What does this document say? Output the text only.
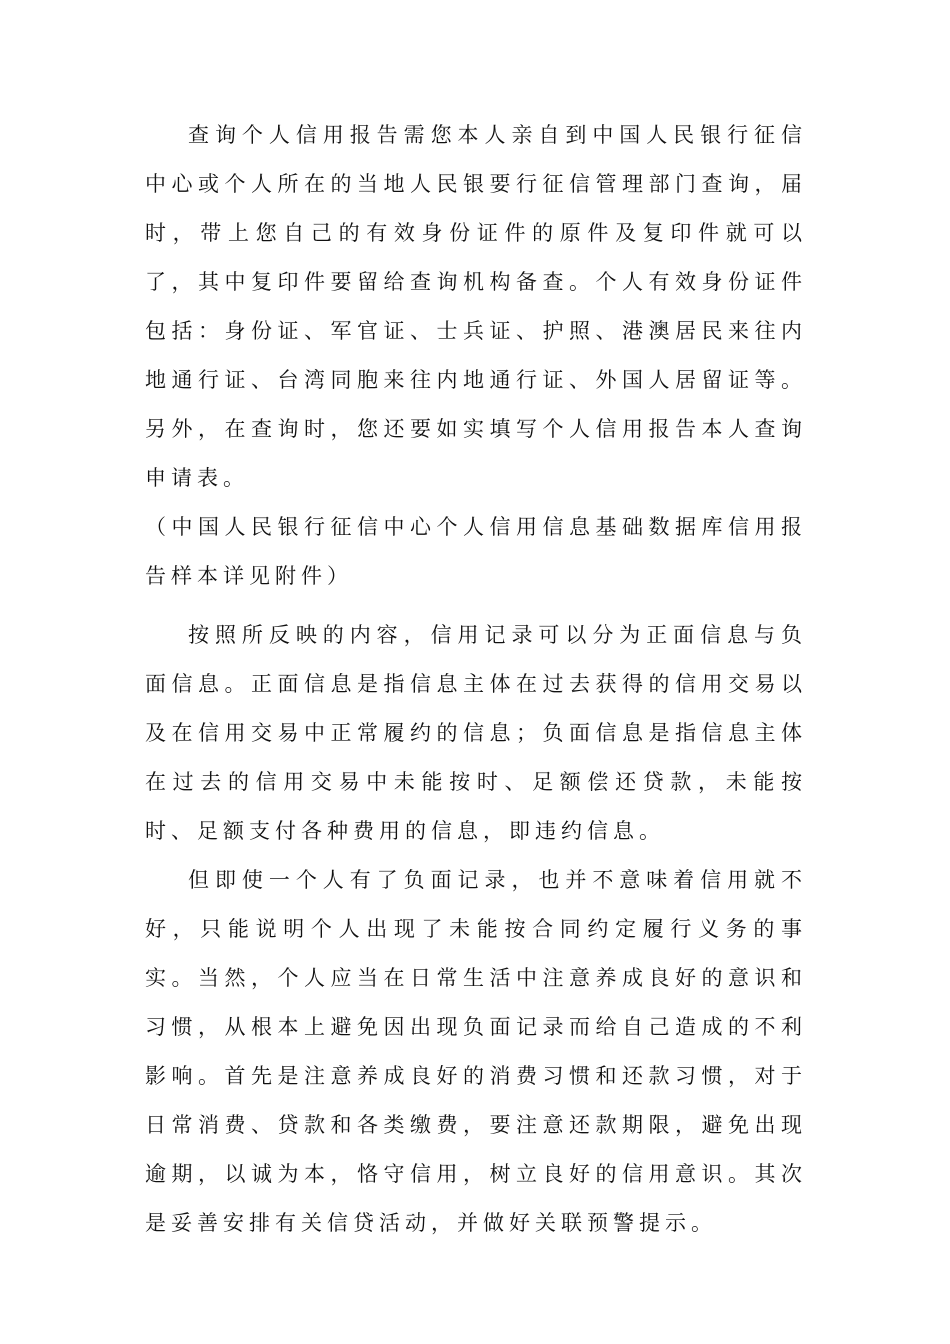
查询个人信用报告需您本人亲自到中国人民银行征信中心或个人所在的当地人民银要行征信管理部门查询，届时，带上您自己的有效身份证件的原件及复印件就可以了，其中复印件要留给查询机构备查。个人有效身份证件包括：身份证、军官证、士兵证、护照、港澳居民来往内地通行证、台湾同胞来往内地通行证、外国人居留证等。另外，在查询时，您还要如实填写个人信用报告本人查询申请表。

（中国人民银行征信中心个人信用信息基础数据库信用报告样本详见附件）

按照所反映的内容，信用记录可以分为正面信息与负面信息。正面信息是指信息主体在过去获得的信用交易以及在信用交易中正常履约的信息；负面信息是指信息主体在过去的信用交易中未能按时、足额偿还贷款，未能按时、足额支付各种费用的信息，即违约信息。

但即使一个人有了负面记录，也并不意味着信用就不好，只能说明个人出现了未能按合同约定履行义务的事实。当然，个人应当在日常生活中注意养成良好的意识和习惯，从根本上避免因出现负面记录而给自己造成的不利影响。首先是注意养成良好的消费习惯和还款习惯，对于日常消费、贷款和各类缴费，要注意还款期限，避免出现逾期，以诚为本，恪守信用，树立良好的信用意识。其次是妥善安排有关信贷活动，并做好关联预警提示。
